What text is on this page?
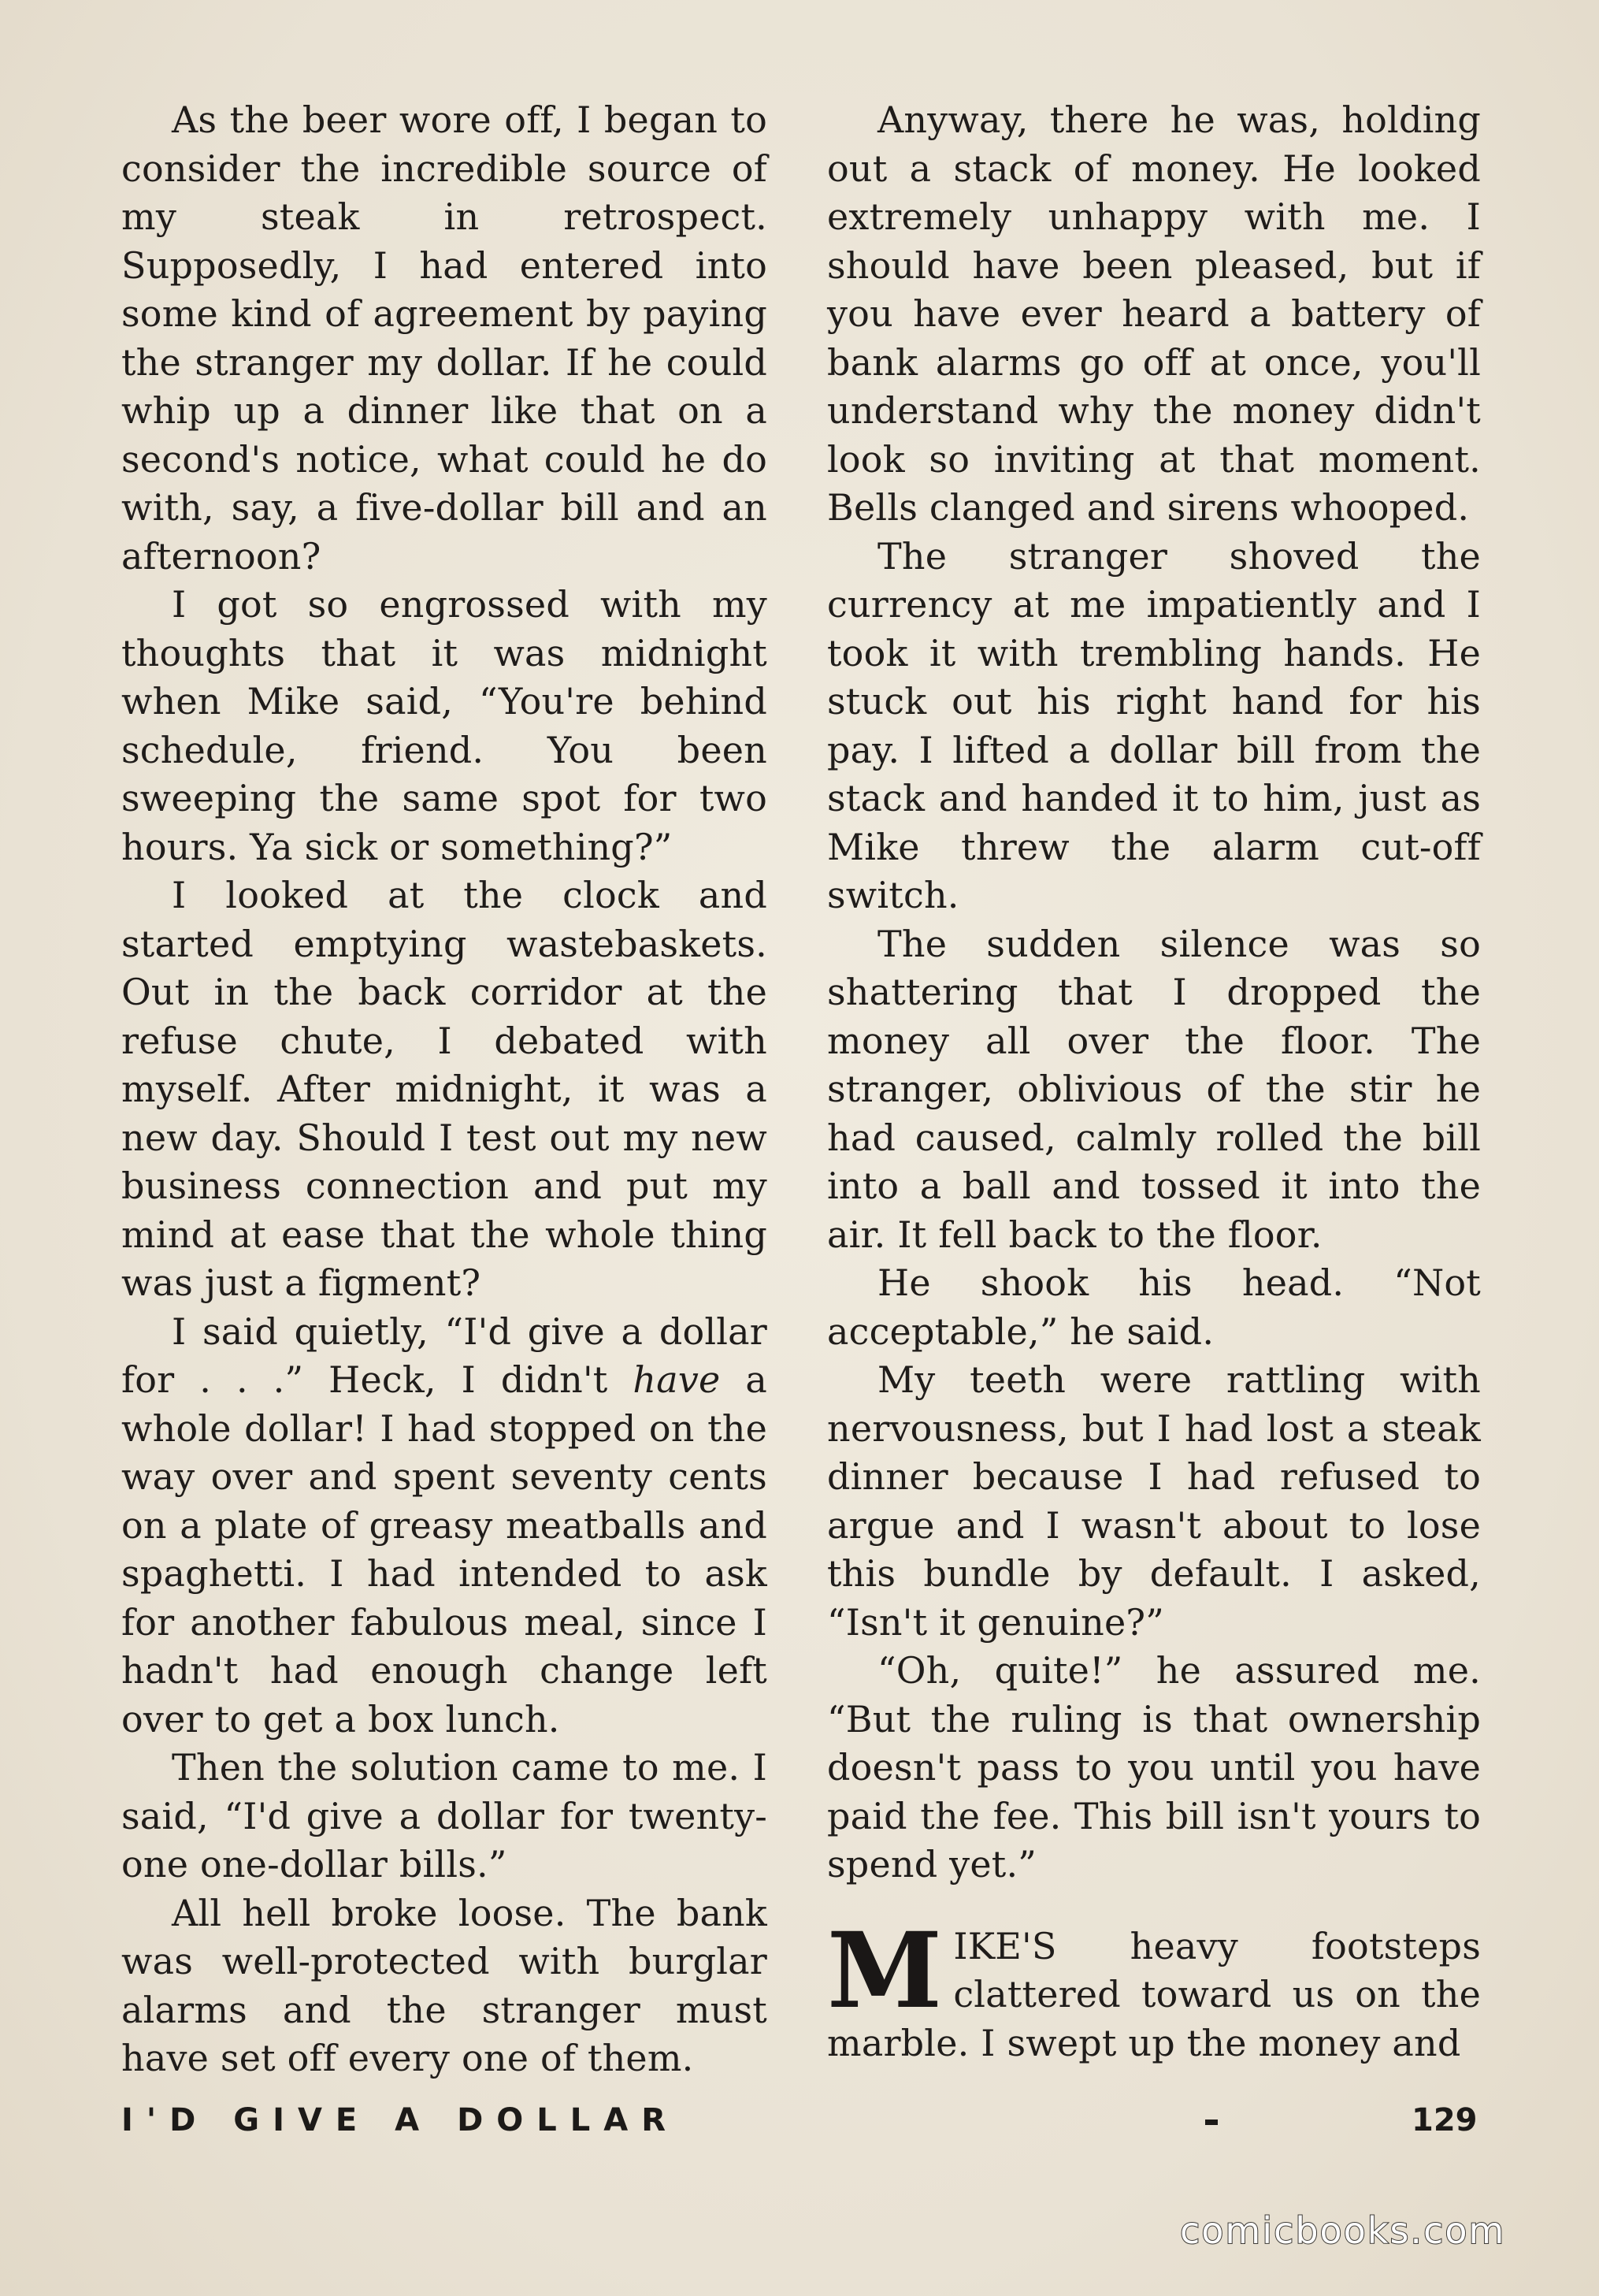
As the beer wore off, I began to consider the incredible source of my steak in retrospect. Supposedly, I had entered into some kind of agreement by paying the stranger my dollar. If he could whip up a dinner like that on a second's notice, what could he do with, say, a five-dollar bill and an afternoon?

I got so engrossed with my thoughts that it was midnight when Mike said, “You're behind schedule, friend. You been sweeping the same spot for two hours. Ya sick or something?”

I looked at the clock and started emptying wastebaskets. Out in the back corridor at the refuse chute, I debated with myself. After midnight, it was a new day. Should I test out my new business connection and put my mind at ease that the whole thing was just a figment?

I said quietly, “I'd give a dollar for . . .” Heck, I didn't have a whole dollar! I had stopped on the way over and spent seventy cents on a plate of greasy meatballs and spaghetti. I had intended to ask for another fabulous meal, since I hadn't had enough change left over to get a box lunch.

Then the solution came to me. I said, “I'd give a dollar for twenty-one one-dollar bills.”

All hell broke loose. The bank was well-protected with burglar alarms and the stranger must have set off every one of them.

Anyway, there he was, holding out a stack of money. He looked extremely unhappy with me. I should have been pleased, but if you have ever heard a battery of bank alarms go off at once, you'll understand why the money didn't look so inviting at that moment. Bells clanged and sirens whooped.

The stranger shoved the currency at me impatiently and I took it with trembling hands. He stuck out his right hand for his pay. I lifted a dollar bill from the stack and handed it to him, just as Mike threw the alarm cut-off switch.

The sudden silence was so shattering that I dropped the money all over the floor. The stranger, oblivious of the stir he had caused, calmly rolled the bill into a ball and tossed it into the air. It fell back to the floor.

He shook his head. “Not acceptable,” he said.

My teeth were rattling with nervousness, but I had lost a steak dinner because I had refused to argue and I wasn't about to lose this bundle by default. I asked, “Isn't it genuine?”

“Oh, quite!” he assured me. “But the ruling is that ownership doesn't pass to you until you have paid the fee. This bill isn't yours to spend yet.”

MIKE'S heavy footsteps clattered toward us on the marble. I swept up the money and

I'D GIVE A DOLLAR	129
comicbooks.com
